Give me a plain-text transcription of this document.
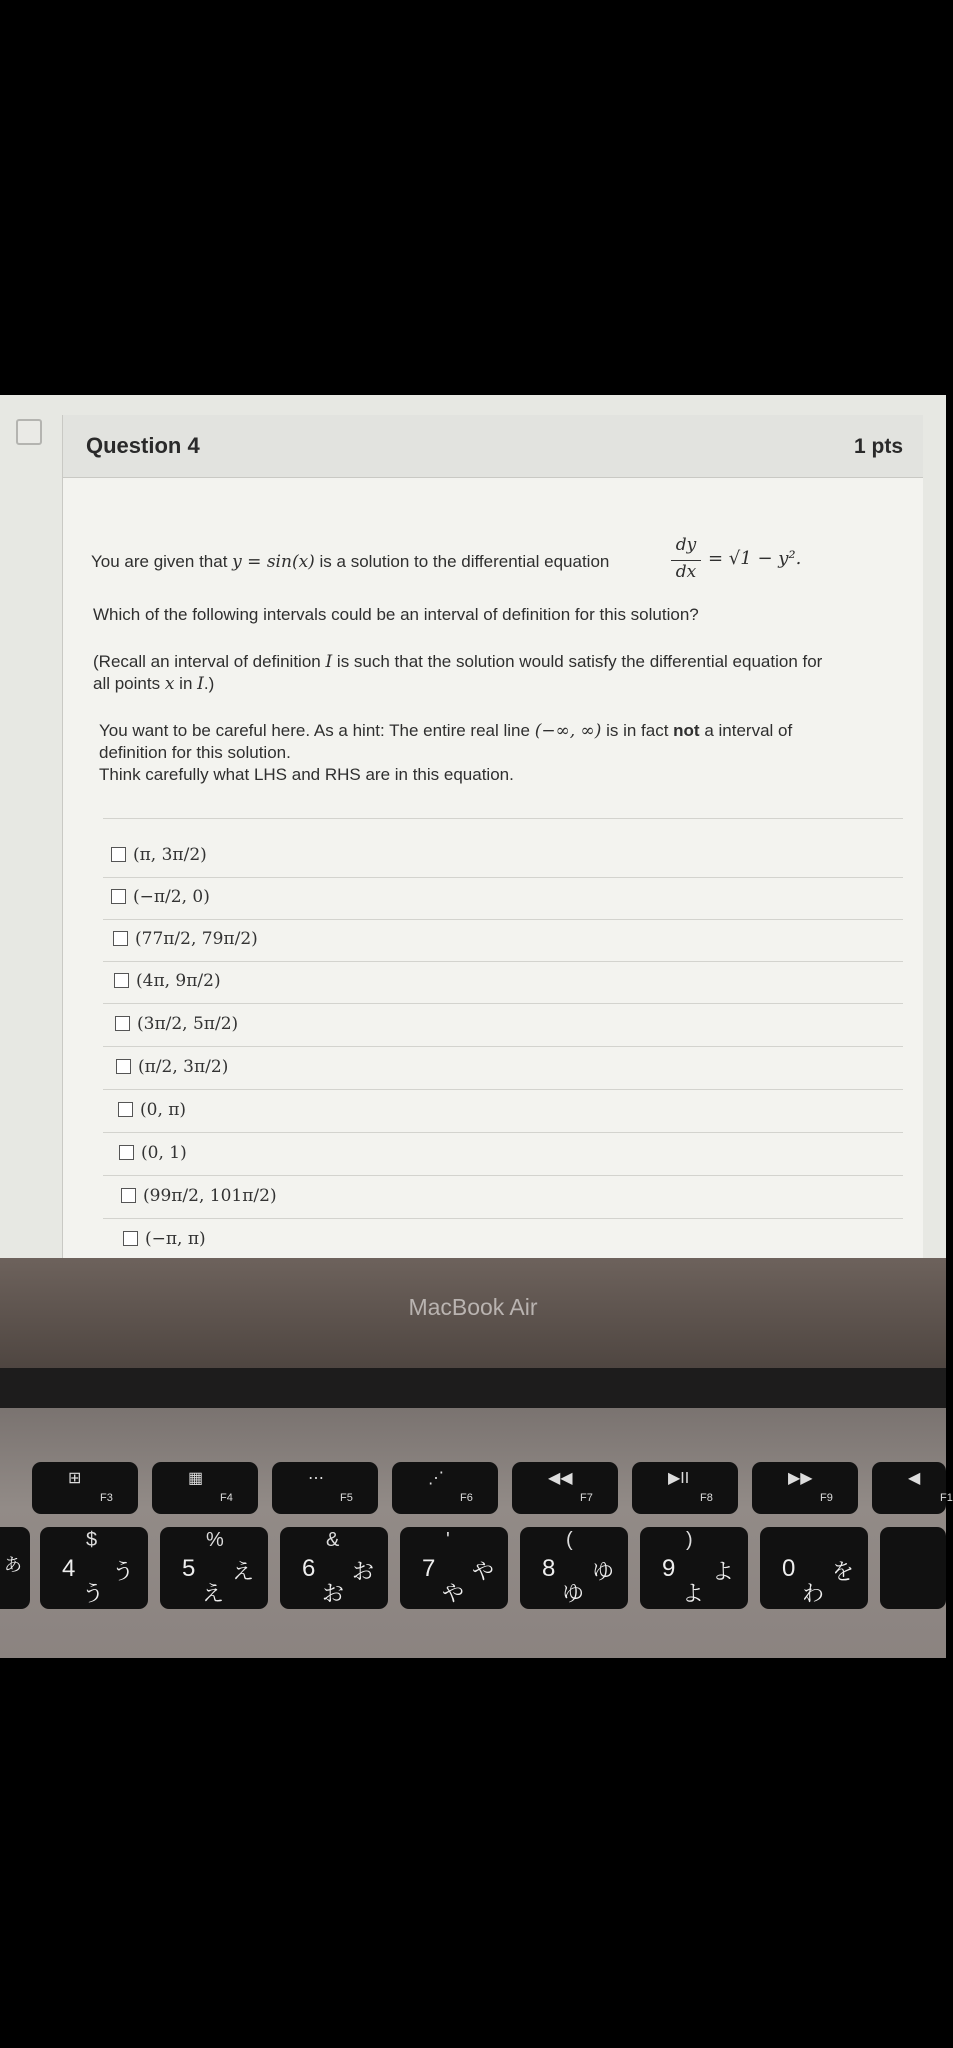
Question 4	1 pts
You are given that y = sin(x) is a solution to the differential equation
dy
dx
= √1 − y².
Which of the following intervals could be an interval of definition for this solution?
(Recall an interval of definition I is such that the solution would satisfy the differential equation for
all points x in I.)
You want to be careful here. As a hint: The entire real line (−∞, ∞) is in fact not a interval of
definition for this solution.
Think carefully what LHS and RHS are in this equation.
(π, 3π/2)
(−π/2, 0)
(77π/2, 79π/2)
(4π, 9π/2)
(3π/2, 5π/2)
(π/2, 3π/2)
(0, π)
(0, 1)
(99π/2, 101π/2)
(−π, π)
MacBook Air
⊞
F3
▦
F4
⋯
F5
⋰
F6
◀◀
F7
▶II
F8
▶▶
F9
◀
F1
あ
$
4 う
う
%
5 え
え
&
6 お
お
'
7 や
や
(
8 ゆ
ゆ
)
9 よ
よ
0 を
わ
